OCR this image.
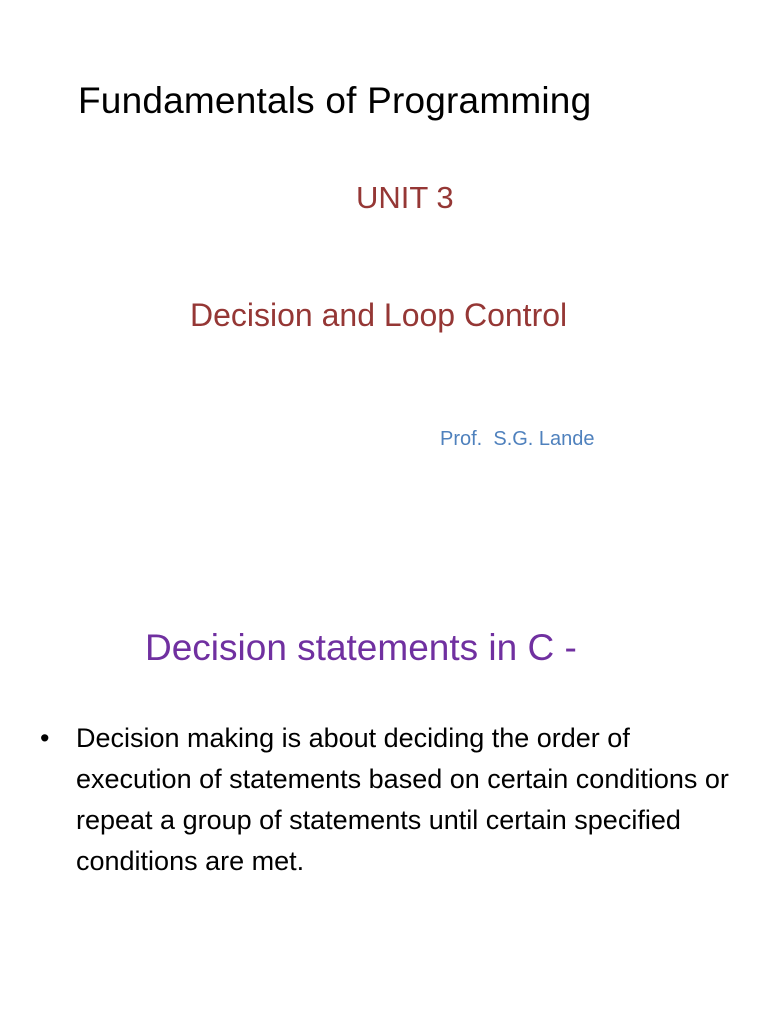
Fundamentals of Programming
UNIT 3
Decision and Loop Control
Prof.  S.G. Lande
Decision statements in C -
• Decision making is about deciding the order of execution of statements based on certain conditions or repeat a group of statements until certain specified conditions are met.
